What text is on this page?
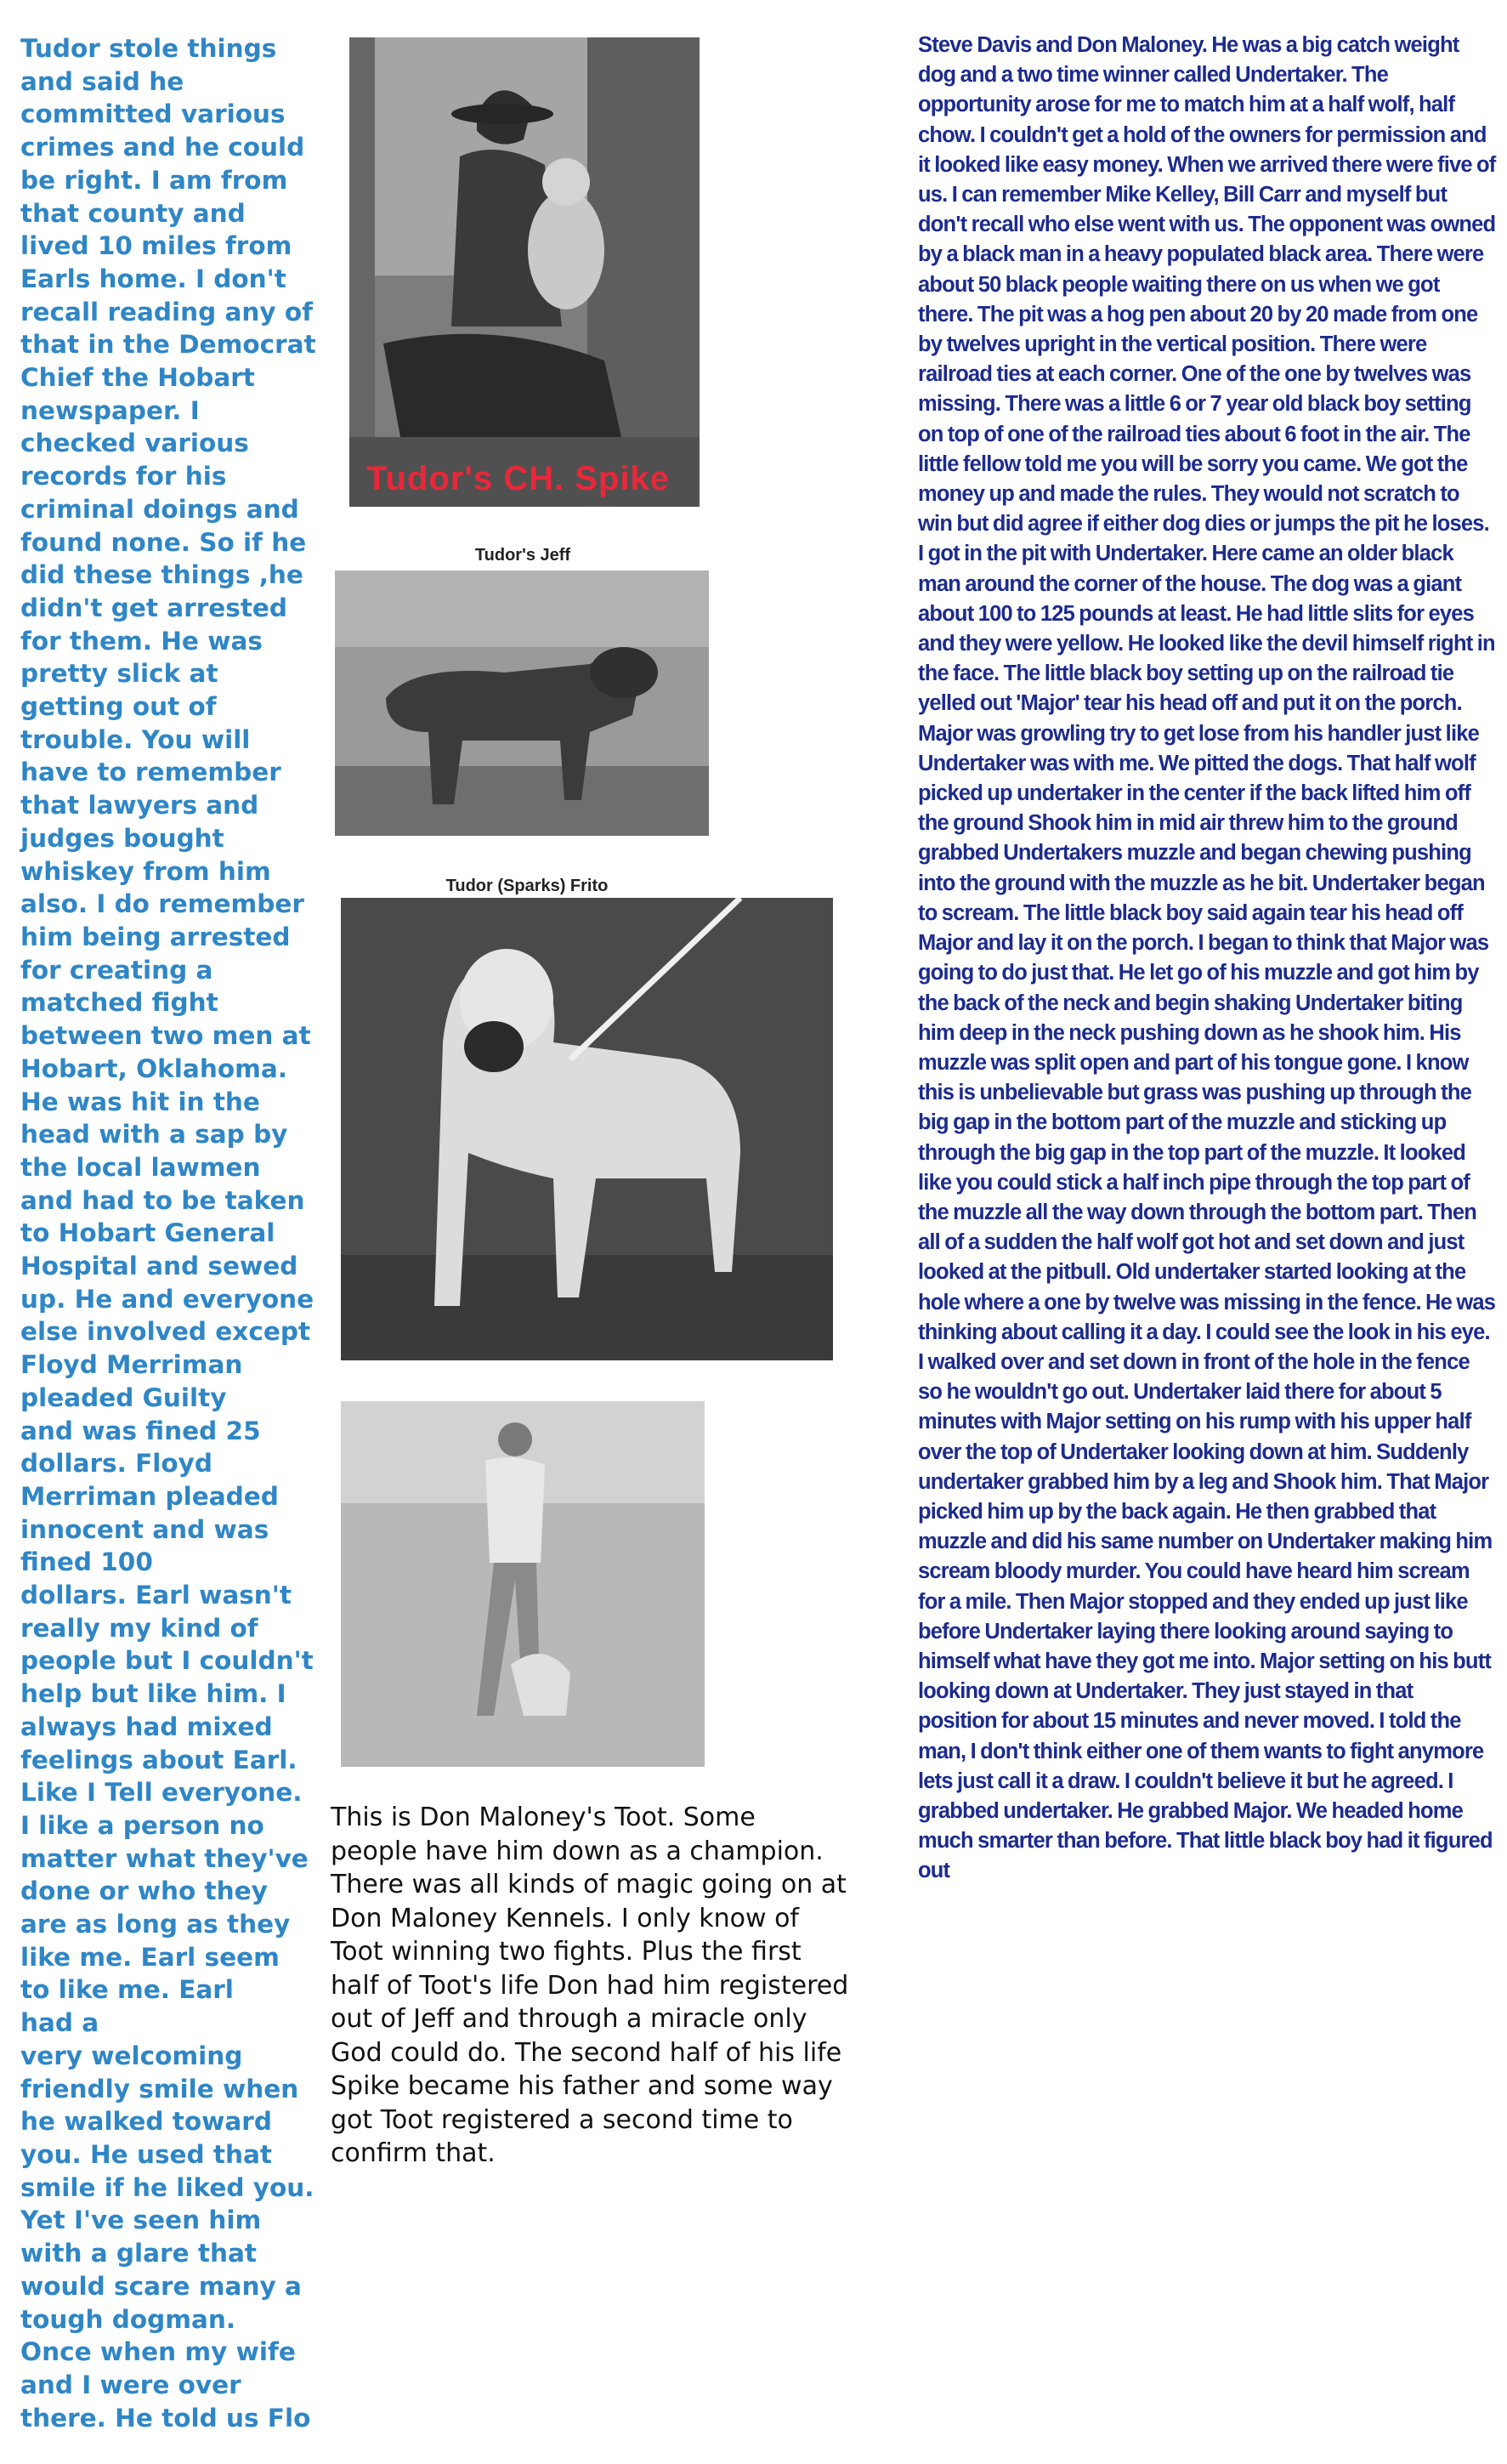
Tudor stole things
and said he
committed various
crimes and he could
be right. I am from
that county and
lived 10 miles from
Earls home. I don't
recall reading any of
that in the Democrat
Chief the Hobart
newspaper. I
checked various
records for his
criminal doings and
found none. So if he
did these things ,he
didn't get arrested
for them. He was
pretty slick at
getting out of
trouble. You will
have to remember
that lawyers and
judges bought
whiskey from him
also. I do remember
him being arrested
for creating a
matched fight
between two men at
Hobart, Oklahoma.
He was hit in the
head with a sap by
the local lawmen
and had to be taken
to Hobart General
Hospital and sewed
up. He and everyone
else involved except
Floyd Merriman
pleaded Guilty
and was fined 25
dollars. Floyd
Merriman pleaded
innocent and was
fined 100
dollars. Earl wasn't
really my kind of
people but I couldn't
help but like him. I
always had mixed
feelings about Earl.
Like I Tell everyone.
I like a person no
matter what they've
done or who they
are as long as they
like me. Earl seem
to like me. Earl
had a
very welcoming
friendly smile when
he walked toward
you. He used that
smile if he liked you.
Yet I've seen him
with a glare that
would scare many a
tough dogman.
Once when my wife
and I were over
there. He told us Flo
Tudor's CH. Spike
Tudor's Jeff
Tudor (Sparks) Frito
This is Don Maloney's Toot. Some people have him down as a champion. There was all kinds of magic going on at Don Maloney Kennels. I only know of Toot winning two fights. Plus the first half of Toot's life Don had him registered out of Jeff and through a miracle only God could do. The second half of his life Spike became his father and some way got Toot registered a second time to confirm that.
Steve Davis and Don Maloney. He was a big catch weight dog and a two time winner called Undertaker. The opportunity arose for me to match him at a half wolf, half chow. I couldn't get a hold of the owners for permission and it looked like easy money. When we arrived there were five of us. I can remember Mike Kelley, Bill Carr and myself but don't recall who else went with us. The opponent was owned by a black man in a heavy populated black area. There were about 50 black people waiting there on us when we got there. The pit was a hog pen about 20 by 20 made from one by twelves upright in the vertical position. There were railroad ties at each corner. One of the one by twelves was missing. There was a little 6 or 7 year old black boy setting on top of one of the railroad ties about 6 foot in the air. The little fellow told me you will be sorry you came. We got the money up and made the rules. They would not scratch to win but did agree if either dog dies or jumps the pit he loses. I got in the pit with Undertaker. Here came an older black man around the corner of the house. The dog was a giant about 100 to 125 pounds at least. He had little slits for eyes and they were yellow. He looked like the devil himself right in the face. The little black boy setting up on the railroad tie yelled out 'Major' tear his head off and put it on the porch. Major was growling try to get lose from his handler just like Undertaker was with me. We pitted the dogs. That half wolf picked up undertaker in the center if the back lifted him off the ground Shook him in mid air threw him to the ground grabbed Undertakers muzzle and began chewing pushing into the ground with the muzzle as he bit. Undertaker began to scream. The little black boy said again tear his head off Major and lay it on the porch. I began to think that Major was going to do just that. He let go of his muzzle and got him by the back of the neck and begin shaking Undertaker biting him deep in the neck pushing down as he shook him. His muzzle was split open and part of his tongue gone. I know this is unbelievable but grass was pushing up through the big gap in the bottom part of the muzzle and sticking up through the big gap in the top part of the muzzle. It looked like you could stick a half inch pipe through the top part of the muzzle all the way down through the bottom part. Then all of a sudden the half wolf got hot and set down and just looked at the pitbull. Old undertaker started looking at the hole where a one by twelve was missing in the fence. He was thinking about calling it a day. I could see the look in his eye. I walked over and set down in front of the hole in the fence so he wouldn't go out. Undertaker laid there for about 5 minutes with Major setting on his rump with his upper half over the top of Undertaker looking down at him. Suddenly undertaker grabbed him by a leg and Shook him. That Major picked him up by the back again. He then grabbed that muzzle and did his same number on Undertaker making him scream bloody murder. You could have heard him scream for a mile. Then Major stopped and they ended up just like before Undertaker laying there looking around saying to himself what have they got me into. Major setting on his butt looking down at Undertaker. They just stayed in that position for about 15 minutes and never moved. I told the man, I don't think either one of them wants to fight anymore lets just call it a draw. I couldn't believe it but he agreed. I grabbed undertaker. He grabbed Major. We headed home much smarter than before. That little black boy had it figured out
